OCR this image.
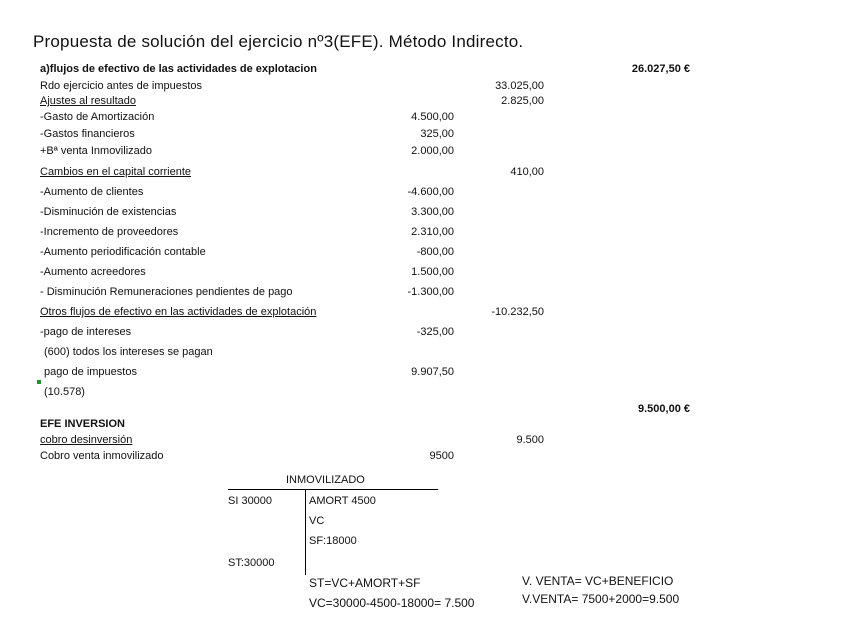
Propuesta de solución del ejercicio nº3(EFE). Método Indirecto.
a)flujos de efectivo de las actividades de explotacion	26.027,50 €
Rdo ejercicio antes de impuestos	33.025,00
Ajustes al resultado	2.825,00
-Gasto de Amortización	4.500,00
-Gastos financieros	325,00
+Bª venta Inmovilizado	2.000,00
Cambios en el capital corriente	410,00
-Aumento de clientes	-4.600,00
-Disminución de existencias	3.300,00
-Incremento de proveedores	2.310,00
-Aumento periodificación contable	-800,00
-Aumento acreedores	1.500,00
- Disminución Remuneraciones pendientes de pago	-1.300,00
Otros flujos de efectivo en las actividades de explotación	-10.232,50
-pago de intereses	-325,00
(600) todos los intereses se pagan
pago de impuestos	9.907,50
(10.578)
9.500,00 €
EFE INVERSION
cobro desinversión	9.500
Cobro venta inmovilizado	9500
INMOVILIZADO
SI 30000	AMORT 4500
VC
SF:18000
ST:30000
ST=VC+AMORT+SF
VC=30000-4500-18000= 7.500
V. VENTA= VC+BENEFICIO
V.VENTA= 7500+2000=9.500
